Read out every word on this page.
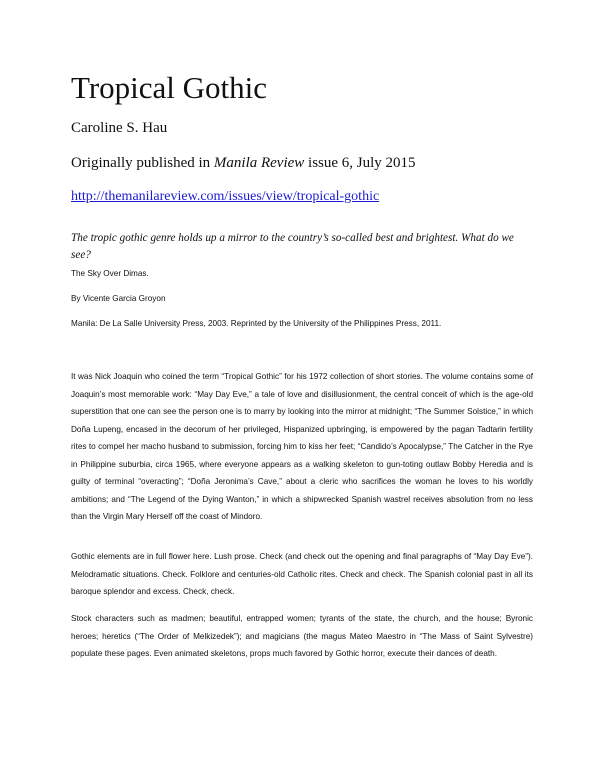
Tropical Gothic
Caroline S. Hau
Originally published in Manila Review issue 6, July 2015
http://themanilareview.com/issues/view/tropical-gothic
The tropic gothic genre holds up a mirror to the country’s so-called best and brightest. What do we see?
The Sky Over Dimas.
By Vicente Garcia Groyon
Manila: De La Salle University Press, 2003. Reprinted by the University of the Philippines Press, 2011.

It was Nick Joaquin who coined the term “Tropical Gothic” for his 1972 collection of short stories. The volume contains some of Joaquin’s most memorable work: “May Day Eve,” a tale of love and disillusionment, the central conceit of which is the age-old superstition that one can see the person one is to marry by looking into the mirror at midnight; “The Summer Solstice,” in which Doña Lupeng, encased in the decorum of her privileged, Hispanized upbringing, is empowered by the pagan Tadtarin fertility rites to compel her macho husband to submission, forcing him to kiss her feet; “Candido’s Apocalypse,” The Catcher in the Rye in Philippine suburbia, circa 1965, where everyone appears as a walking skeleton to gun-toting outlaw Bobby Heredia and is guilty of terminal “overacting”; “Doña Jeronima’s Cave,” about a cleric who sacrifices the woman he loves to his worldly ambitions; and “The Legend of the Dying Wanton,” in which a shipwrecked Spanish wastrel receives absolution from no less than the Virgin Mary Herself off the coast of Mindoro.

Gothic elements are in full flower here. Lush prose. Check (and check out the opening and final paragraphs of “May Day Eve”). Melodramatic situations. Check. Folklore and centuries-old Catholic rites. Check and check. The Spanish colonial past in all its baroque splendor and excess. Check, check.

Stock characters such as madmen; beautiful, entrapped women; tyrants of the state, the church, and the house; Byronic heroes; heretics (“The Order of Melkizedek”); and magicians (the magus Mateo Maestro in “The Mass of Saint Sylvestre) populate these pages. Even animated skeletons, props much favored by Gothic horror, execute their dances of death.
